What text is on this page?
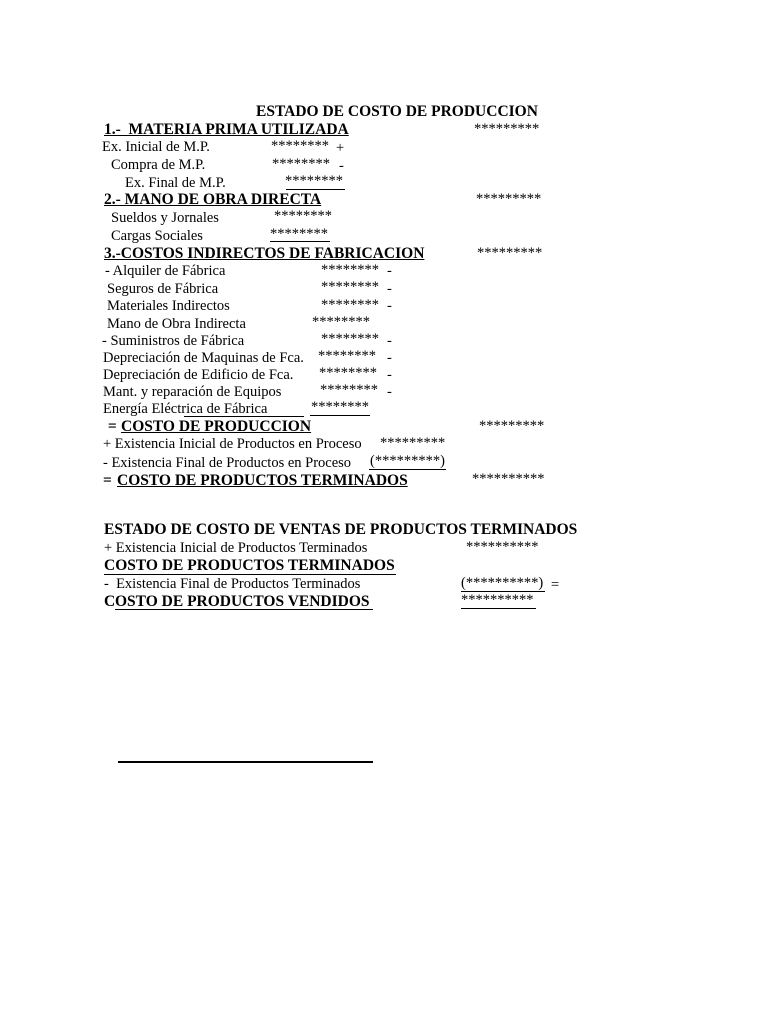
ESTADO DE COSTO DE PRODUCCION
1.-  MATERIA PRIMA UTILIZADA	*********
Ex. Inicial de M.P.	******** +
Compra de M.P.	******** -
Ex. Final de M.P.	********
2.- MANO DE OBRA DIRECTA	*********
Sueldos y Jornales	********
Cargas Sociales	********
3.-COSTOS INDIRECTOS DE FABRICACION	*********
- Alquiler de Fábrica	******** -
Seguros de Fábrica	******** -
Materiales Indirectos	******** -
Mano de Obra Indirecta	********
- Suministros de Fábrica	******** -
Depreciación de Maquinas de Fca. ******** -
Depreciación de Edificio de Fca. ******** -
Mant. y reparación de Equipos	******** -
Energía Eléctrica de Fábrica	********
= COSTO DE PRODUCCION	*********
+ Existencia Inicial de Productos en Proceso *********
- Existencia Final de Productos en Proceso (*********)
= COSTO DE PRODUCTOS TERMINADOS	**********
ESTADO DE COSTO DE VENTAS DE PRODUCTOS TERMINADOS
+ Existencia Inicial de Productos Terminados	**********
COSTO DE PRODUCTOS TERMINADOS
-  Existencia Final de Productos Terminados	(**********) =
C OSTO DE PRODUCTOS VENDIDOS	**********
